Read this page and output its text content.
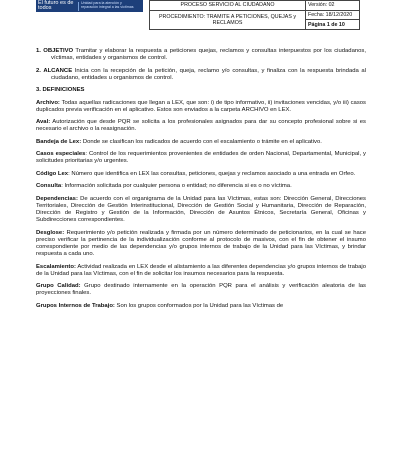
El futuro es de todos
Unidad para la atención y reparación integral a las víctimas	PROCESO SERVICIO AL CIUDADANO	Versión: 02
PROCEDIMIENTO: TRAMITE A PETICIONES, QUEJAS y RECLAMOS	Fecha: 18/12/2020
	Página 1 de 10

1. OBJETIVO Tramitar y elaborar la respuesta a peticiones quejas, reclamos y consultas interpuestos por los ciudadanos, víctimas, entidades y organismos de control.

2. ALCANCE Inicia con la recepción de la petición, queja, reclamo y/o consultas, y finaliza con la respuesta brindada al ciudadano, entidades u organismos de control.

3. DEFINICIONES

Archivo: Todas aquellas radicaciones que llegan a LEX, que son: i) de tipo informativo, ii) invitaciones vencidas, y/o iii) casos duplicados previa verificación en el aplicativo. Estos son enviados a la carpeta ARCHIVO en LEX.

Aval: Autorización que desde PQR se solicita a los profesionales asignados para dar su concepto profesional sobre si es necesario el archivo o la reasignación.

Bandeja de Lex: Donde se clasifican los radicados de acuerdo con el escalamiento o trámite en el aplicativo.

Casos especiales: Control de los requerimientos provenientes de entidades de orden Nacional, Departamental, Municipal, y solicitudes prioritarias y/o urgentes.

Código Lex: Número que identifica en LEX las consultas, peticiones, quejas y reclamos asociado a una entrada en Orfeo.

Consulta: Información solicitada por cualquier persona o entidad; no diferencia si es o no víctima.

Dependencias: De acuerdo con el organigrama de la Unidad para las Víctimas, estas son: Dirección General, Direcciones Territoriales, Dirección de Gestión Interinstitucional, Dirección de Gestión Social y Humanitaria, Dirección de Reparación, Dirección de Registro y Gestión de la Información, Dirección de Asuntos Étnicos, Secretaría General, Oficinas y Subdirecciones correspondientes.

Desglose: Requerimiento y/o petición realizada y firmada por un número determinado de peticionarios, en la cual se hace preciso verificar la pertinencia de la individualización conforme al protocolo de masivos, con el fin de obtener el insumo correspondiente por medio de las dependencias y/o grupos internos de trabajo de la Unidad para las Víctimas, y brindar respuesta a cada uno.

Escalamiento: Actividad realizada en LEX desde el alistamiento a las diferentes dependencias y/o grupos internos de trabajo de la Unidad para las Víctimas, con el fin de solicitar los insumos necesarios para la respuesta.

Grupo Calidad: Grupo destinado internamente en la operación PQR para el análisis y verificación aleatoria de las proyecciones finales.

Grupos Internos de Trabajo: Son los grupos conformados por la Unidad para las Víctimas de
